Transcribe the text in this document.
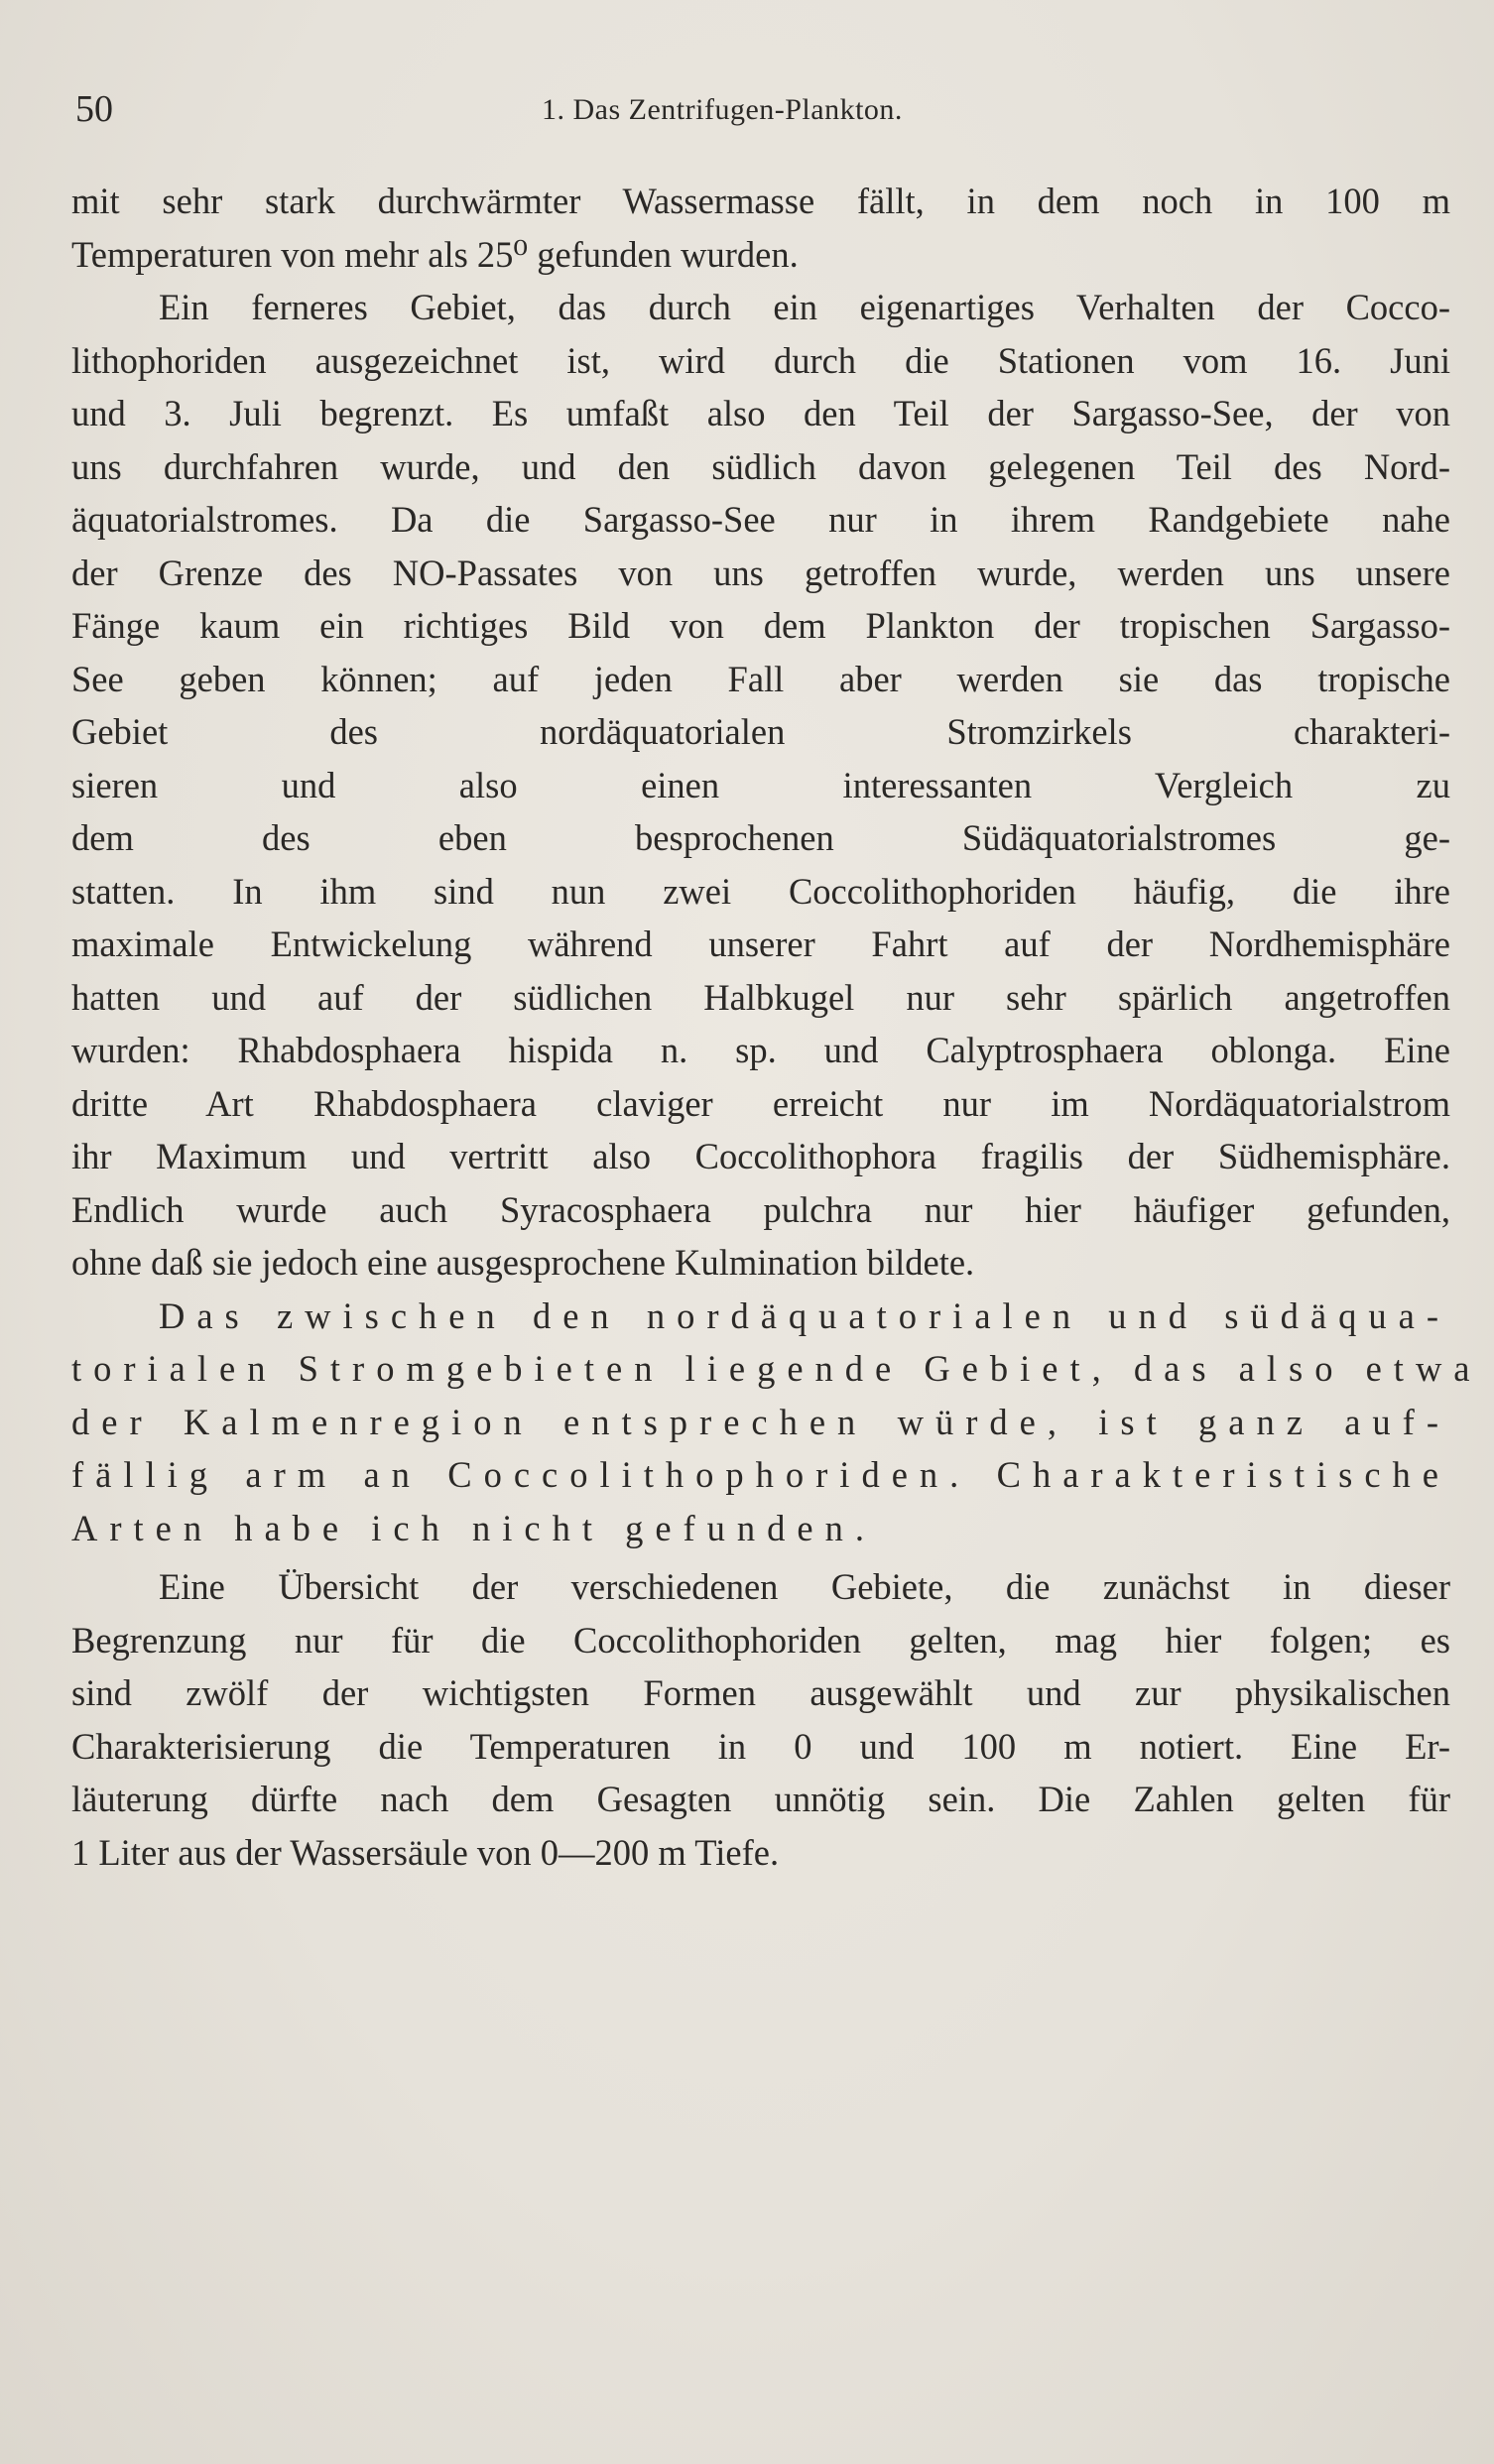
50	1. Das Zentrifugen-Plankton.
mit sehr stark durchwärmter Wassermasse fällt, in dem noch in 100 m
Temperaturen von mehr als 25⁰ gefunden wurden.
Ein ferneres Gebiet, das durch ein eigenartiges Verhalten der Cocco-
lithophoriden ausgezeichnet ist, wird durch die Stationen vom 16. Juni
und 3. Juli begrenzt. Es umfaßt also den Teil der Sargasso-See, der von
uns durchfahren wurde, und den südlich davon gelegenen Teil des Nord-
äquatorialstromes. Da die Sargasso-See nur in ihrem Randgebiete nahe
der Grenze des NO-Passates von uns getroffen wurde, werden uns unsere
Fänge kaum ein richtiges Bild von dem Plankton der tropischen Sargasso-
See geben können; auf jeden Fall aber werden sie das tropische
Gebiet des nordäquatorialen Stromzirkels charakteri-
sieren und also einen interessanten Vergleich zu
dem des eben besprochenen Südäquatorialstromes ge-
statten. In ihm sind nun zwei Coccolithophoriden häufig, die ihre
maximale Entwickelung während unserer Fahrt auf der Nordhemisphäre
hatten und auf der südlichen Halbkugel nur sehr spärlich angetroffen
wurden: Rhabdosphaera hispida n. sp. und Calyptrosphaera oblonga. Eine
dritte Art Rhabdosphaera claviger erreicht nur im Nordäquatorialstrom
ihr Maximum und vertritt also Coccolithophora fragilis der Südhemisphäre.
Endlich wurde auch Syracosphaera pulchra nur hier häufiger gefunden,
ohne daß sie jedoch eine ausgesprochene Kulmination bildete.
Das zwischen den nordäquatorialen und südäqua-
torialen Stromgebieten liegende Gebiet, das also etwa
der Kalmenregion entsprechen würde, ist ganz auf-
fällig arm an Coccolithophoriden. Charakteristische
Arten habe ich nicht gefunden.
Eine Übersicht der verschiedenen Gebiete, die zunächst in dieser
Begrenzung nur für die Coccolithophoriden gelten, mag hier folgen; es
sind zwölf der wichtigsten Formen ausgewählt und zur physikalischen
Charakterisierung die Temperaturen in 0 und 100 m notiert. Eine Er-
läuterung dürfte nach dem Gesagten unnötig sein. Die Zahlen gelten für
1 Liter aus der Wassersäule von 0—200 m Tiefe.
